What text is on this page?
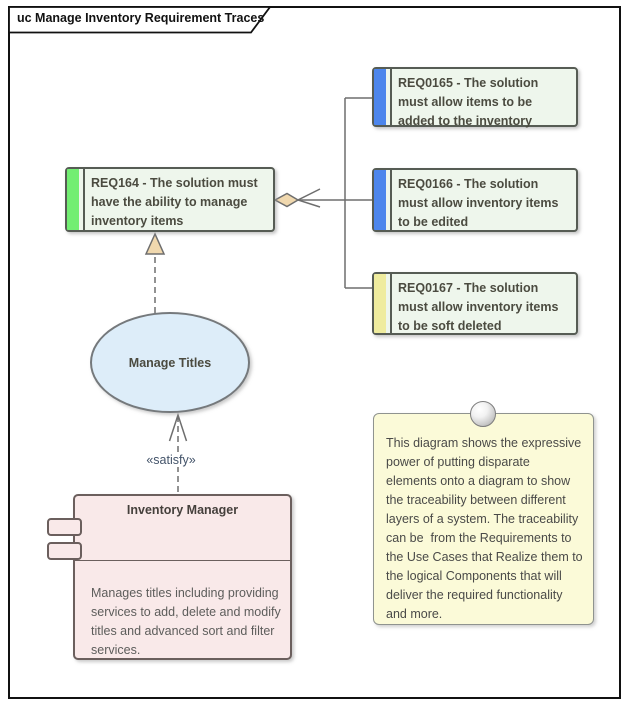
uc Manage Inventory Requirement Traces
REQ164 - The solution must have the ability to manage inventory items
REQ0165 - The solution must allow items to be added to the inventory
REQ0166 - The solution must allow inventory items to be edited
REQ0167 - The solution must allow inventory items to be soft deleted
Manage Titles
«satisfy»
Inventory Manager
Manages titles including providing services to add, delete and modify titles and advanced sort and filter services.
This diagram shows the expressive power of putting disparate elements onto a diagram to show the traceability between different layers of a system. The traceability can be  from the Requirements to the Use Cases that Realize them to the logical Components that will deliver the required functionality and more.
